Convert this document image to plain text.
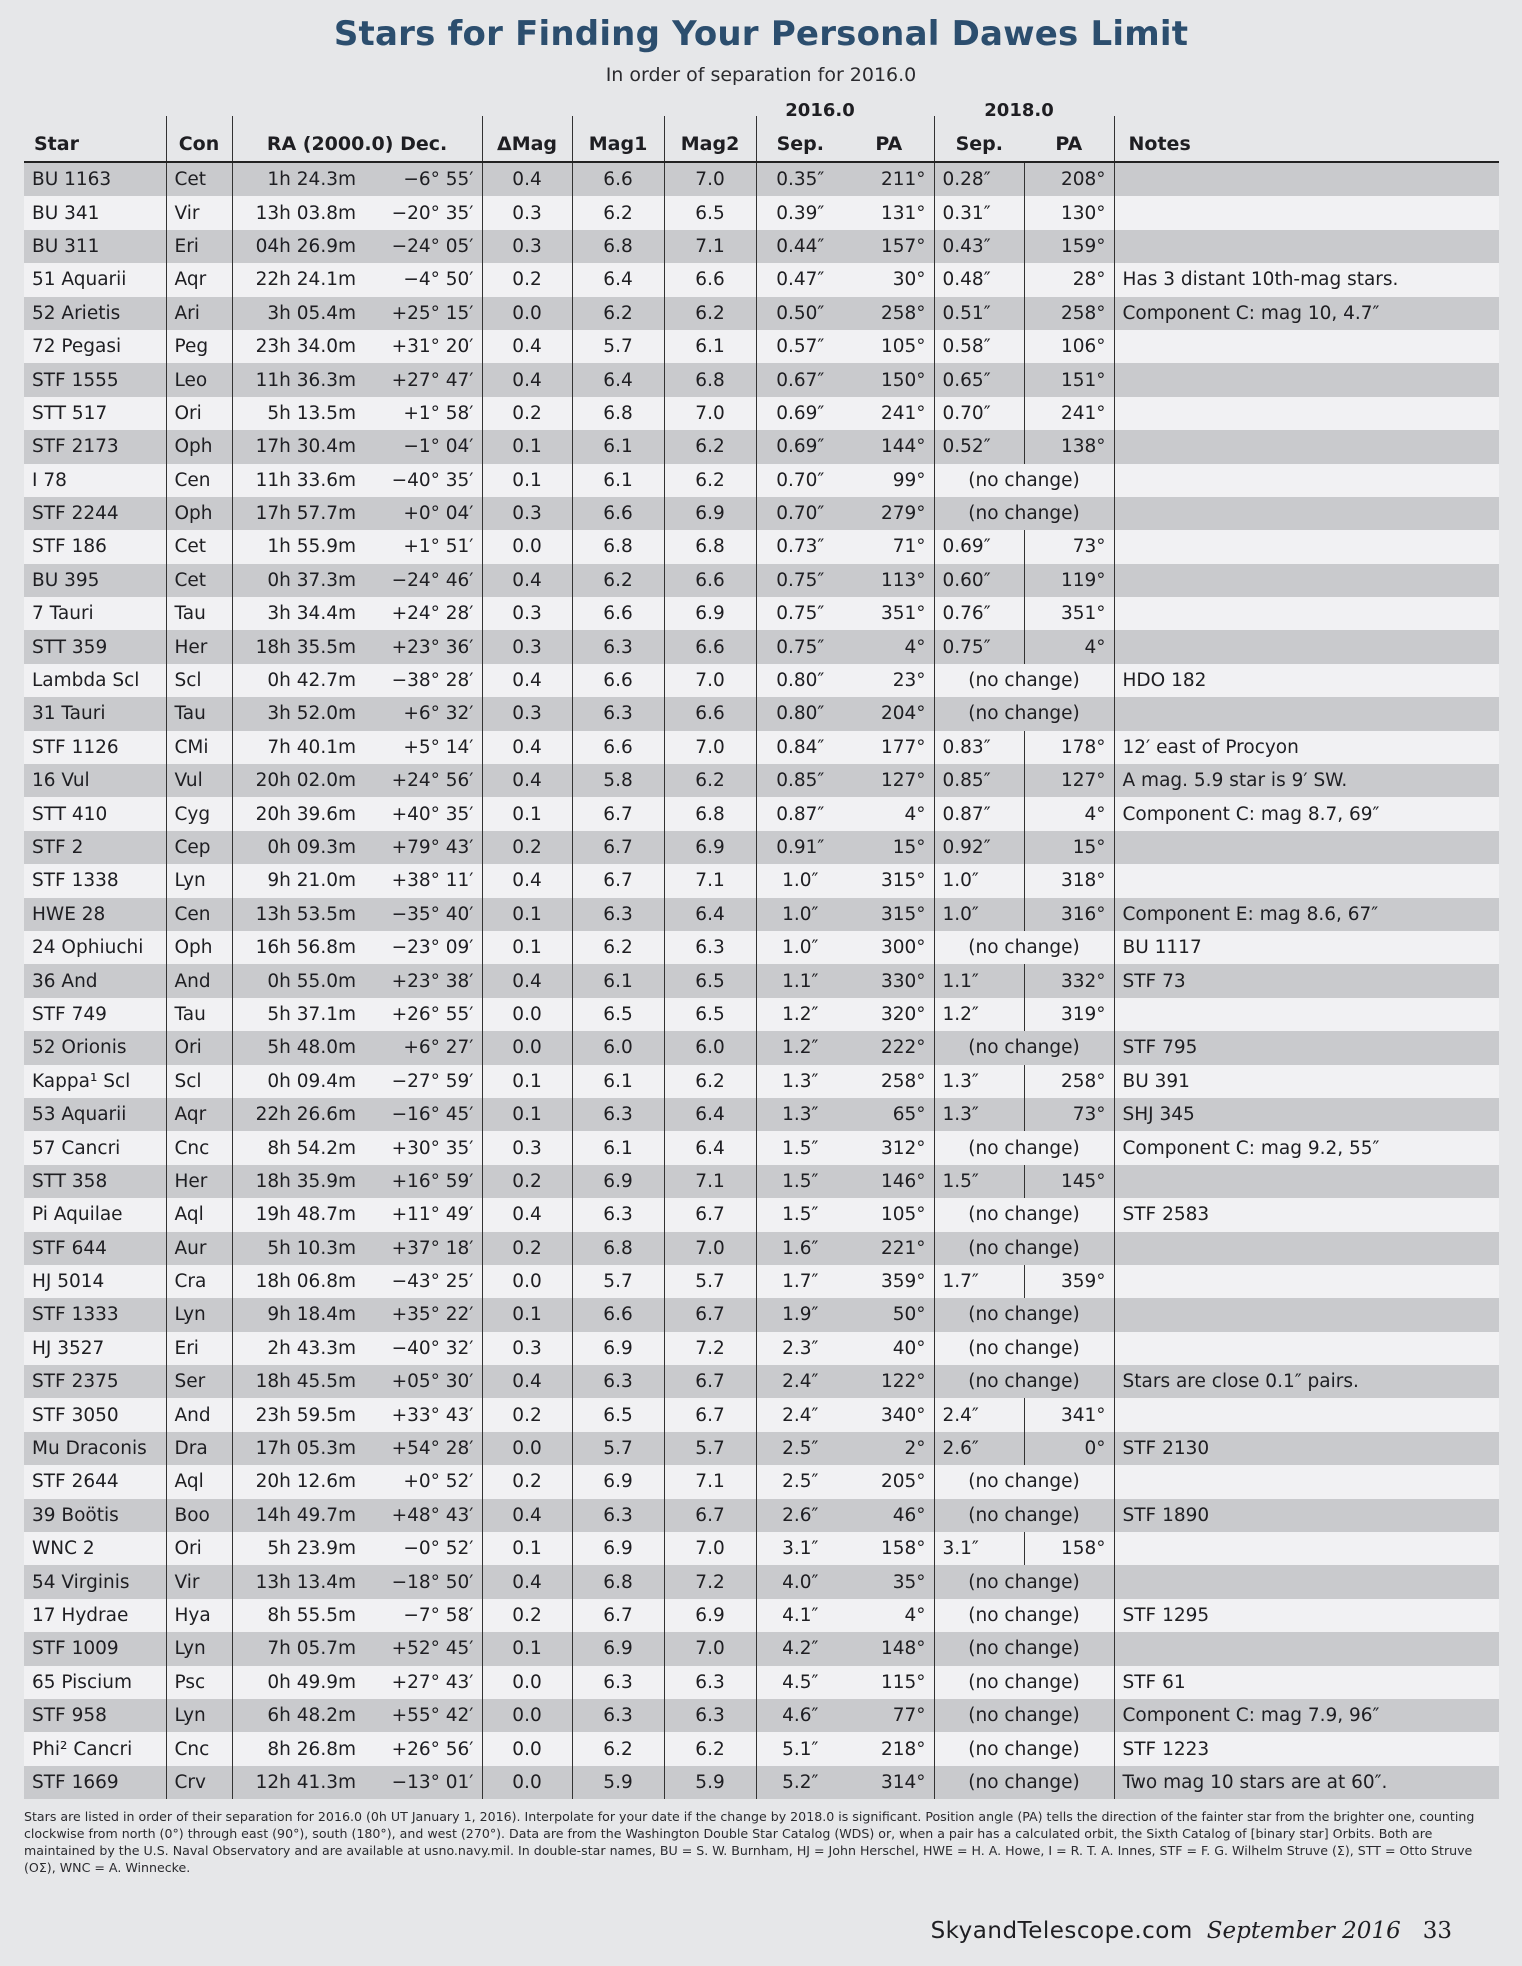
Stars for Finding Your Personal Dawes Limit
In order of separation for 2016.0
2016.0	2018.0
Star	Con	RA (2000.0) Dec.		ΔMag	Mag1	Mag2	Sep.	PA	Sep.	PA	Notes
BU 1163	Cet	1h 24.3m	−6° 55′	0.4	6.6	7.0	0.35″	211°	0.28″	208°	
BU 341	Vir	13h 03.8m	−20° 35′	0.3	6.2	6.5	0.39″	131°	0.31″	130°	
BU 311	Eri	04h 26.9m	−24° 05′	0.3	6.8	7.1	0.44″	157°	0.43″	159°	
51 Aquarii	Aqr	22h 24.1m	−4° 50′	0.2	6.4	6.6	0.47″	30°	0.48″	28°	Has 3 distant 10th-mag stars.
52 Arietis	Ari	3h 05.4m	+25° 15′	0.0	6.2	6.2	0.50″	258°	0.51″	258°	Component C: mag 10, 4.7″
72 Pegasi	Peg	23h 34.0m	+31° 20′	0.4	5.7	6.1	0.57″	105°	0.58″	106°	
STF 1555	Leo	11h 36.3m	+27° 47′	0.4	6.4	6.8	0.67″	150°	0.65″	151°	
STT 517	Ori	5h 13.5m	+1° 58′	0.2	6.8	7.0	0.69″	241°	0.70″	241°	
STF 2173	Oph	17h 30.4m	−1° 04′	0.1	6.1	6.2	0.69″	144°	0.52″	138°	
I 78	Cen	11h 33.6m	−40° 35′	0.1	6.1	6.2	0.70″	99°	(no change)		
STF 2244	Oph	17h 57.7m	+0° 04′	0.3	6.6	6.9	0.70″	279°	(no change)		
STF 186	Cet	1h 55.9m	+1° 51′	0.0	6.8	6.8	0.73″	71°	0.69″	73°	
BU 395	Cet	0h 37.3m	−24° 46′	0.4	6.2	6.6	0.75″	113°	0.60″	119°	
7 Tauri	Tau	3h 34.4m	+24° 28′	0.3	6.6	6.9	0.75″	351°	0.76″	351°	
STT 359	Her	18h 35.5m	+23° 36′	0.3	6.3	6.6	0.75″	4°	0.75″	4°	
Lambda Scl	Scl	0h 42.7m	−38° 28′	0.4	6.6	7.0	0.80″	23°	(no change)		HDO 182
31 Tauri	Tau	3h 52.0m	+6° 32′	0.3	6.3	6.6	0.80″	204°	(no change)		
STF 1126	CMi	7h 40.1m	+5° 14′	0.4	6.6	7.0	0.84″	177°	0.83″	178°	12′ east of Procyon
16 Vul	Vul	20h 02.0m	+24° 56′	0.4	5.8	6.2	0.85″	127°	0.85″	127°	A mag. 5.9 star is 9′ SW.
STT 410	Cyg	20h 39.6m	+40° 35′	0.1	6.7	6.8	0.87″	4°	0.87″	4°	Component C: mag 8.7, 69″
STF 2	Cep	0h 09.3m	+79° 43′	0.2	6.7	6.9	0.91″	15°	0.92″	15°	
STF 1338	Lyn	9h 21.0m	+38° 11′	0.4	6.7	7.1	1.0″	315°	1.0″	318°	
HWE 28	Cen	13h 53.5m	−35° 40′	0.1	6.3	6.4	1.0″	315°	1.0″	316°	Component E: mag 8.6, 67″
24 Ophiuchi	Oph	16h 56.8m	−23° 09′	0.1	6.2	6.3	1.0″	300°	(no change)		BU 1117
36 And	And	0h 55.0m	+23° 38′	0.4	6.1	6.5	1.1″	330°	1.1″	332°	STF 73
STF 749	Tau	5h 37.1m	+26° 55′	0.0	6.5	6.5	1.2″	320°	1.2″	319°	
52 Orionis	Ori	5h 48.0m	+6° 27′	0.0	6.0	6.0	1.2″	222°	(no change)		STF 795
Kappa¹ Scl	Scl	0h 09.4m	−27° 59′	0.1	6.1	6.2	1.3″	258°	1.3″	258°	BU 391
53 Aquarii	Aqr	22h 26.6m	−16° 45′	0.1	6.3	6.4	1.3″	65°	1.3″	73°	SHJ 345
57 Cancri	Cnc	8h 54.2m	+30° 35′	0.3	6.1	6.4	1.5″	312°	(no change)		Component C: mag 9.2, 55″
STT 358	Her	18h 35.9m	+16° 59′	0.2	6.9	7.1	1.5″	146°	1.5″	145°	
Pi Aquilae	Aql	19h 48.7m	+11° 49′	0.4	6.3	6.7	1.5″	105°	(no change)		STF 2583
STF 644	Aur	5h 10.3m	+37° 18′	0.2	6.8	7.0	1.6″	221°	(no change)		
HJ 5014	Cra	18h 06.8m	−43° 25′	0.0	5.7	5.7	1.7″	359°	1.7″	359°	
STF 1333	Lyn	9h 18.4m	+35° 22′	0.1	6.6	6.7	1.9″	50°	(no change)		
HJ 3527	Eri	2h 43.3m	−40° 32′	0.3	6.9	7.2	2.3″	40°	(no change)		
STF 2375	Ser	18h 45.5m	+05° 30′	0.4	6.3	6.7	2.4″	122°	(no change)		Stars are close 0.1″ pairs.
STF 3050	And	23h 59.5m	+33° 43′	0.2	6.5	6.7	2.4″	340°	2.4″	341°	
Mu Draconis	Dra	17h 05.3m	+54° 28′	0.0	5.7	5.7	2.5″	2°	2.6″	0°	STF 2130
STF 2644	Aql	20h 12.6m	+0° 52′	0.2	6.9	7.1	2.5″	205°	(no change)		
39 Boötis	Boo	14h 49.7m	+48° 43′	0.4	6.3	6.7	2.6″	46°	(no change)		STF 1890
WNC 2	Ori	5h 23.9m	−0° 52′	0.1	6.9	7.0	3.1″	158°	3.1″	158°	
54 Virginis	Vir	13h 13.4m	−18° 50′	0.4	6.8	7.2	4.0″	35°	(no change)		
17 Hydrae	Hya	8h 55.5m	−7° 58′	0.2	6.7	6.9	4.1″	4°	(no change)		STF 1295
STF 1009	Lyn	7h 05.7m	+52° 45′	0.1	6.9	7.0	4.2″	148°	(no change)		
65 Piscium	Psc	0h 49.9m	+27° 43′	0.0	6.3	6.3	4.5″	115°	(no change)		STF 61
STF 958	Lyn	6h 48.2m	+55° 42′	0.0	6.3	6.3	4.6″	77°	(no change)		Component C: mag 7.9, 96″
Phi² Cancri	Cnc	8h 26.8m	+26° 56′	0.0	6.2	6.2	5.1″	218°	(no change)		STF 1223
STF 1669	Crv	12h 41.3m	−13° 01′	0.0	5.9	5.9	5.2″	314°	(no change)		Two mag 10 stars are at 60″.
Stars are listed in order of their separation for 2016.0 (0h UT January 1, 2016). Interpolate for your date if the change by 2018.0 is significant. Position angle (PA) tells the direction of the fainter star from the brighter one, counting clockwise from north (0°) through east (90°), south (180°), and west (270°). Data are from the Washington Double Star Catalog (WDS) or, when a pair has a calculated orbit, the Sixth Catalog of [binary star] Orbits. Both are maintained by the U.S. Naval Observatory and are available at usno.navy.mil. In double-star names, BU = S. W. Burnham, HJ = John Herschel, HWE = H. A. Howe, I = R. T. A. Innes, STF = F. G. Wilhelm Struve (Σ), STT = Otto Struve (OΣ), WNC = A. Winnecke.
SkyandTelescope.com September 2016 33
